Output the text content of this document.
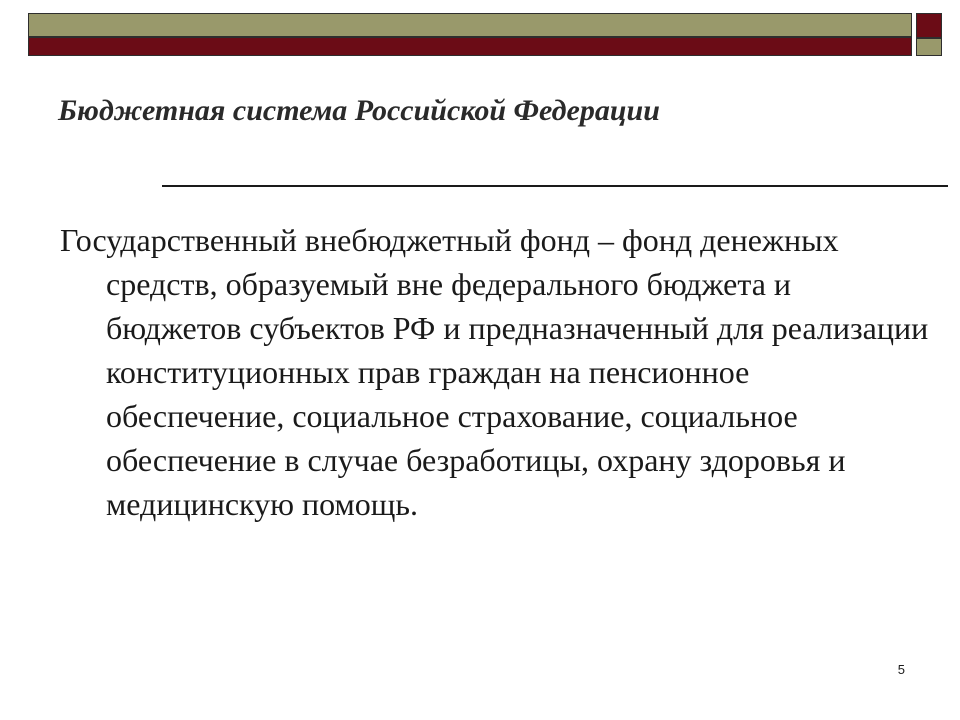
Бюджетная система Российской Федерации

Государственный внебюджетный фонд – фонд денежных средств, образуемый вне федерального бюджета и бюджетов субъектов РФ и предназначенный для реализации конституционных прав граждан на пенсионное обеспечение, социальное страхование, социальное обеспечение в случае безработицы, охрану здоровья и медицинскую помощь.

5
